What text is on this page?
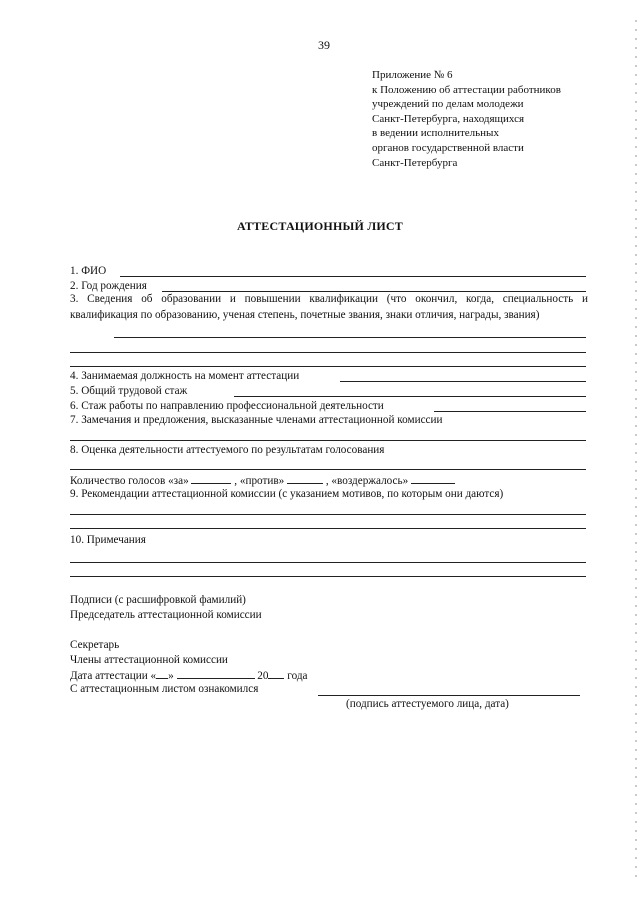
39
Приложение № 6
к Положению об аттестации работников
учреждений по делам молодежи
Санкт-Петербурга, находящихся
в ведении исполнительных
органов государственной власти
Санкт-Петербурга
АТТЕСТАЦИОННЫЙ ЛИСТ
1. ФИО
2. Год рождения
3. Сведения об образовании и повышении квалификации (что окончил, когда, специальность и квалификация по образованию, ученая степень, почетные звания, знаки отличия, награды, звания)
4. Занимаемая должность на момент аттестации
5. Общий трудовой стаж
6. Стаж работы по направлению профессиональной деятельности
7. Замечания и предложения, высказанные членами аттестационной комиссии
8. Оценка деятельности аттестуемого по результатам голосования
Количество голосов «за»	, «против»	, «воздержалось»
9. Рекомендации аттестационной комиссии (с указанием мотивов, по которым они даются)
10. Примечания
Подписи (с расшифровкой фамилий)
Председатель аттестационной комиссии
Секретарь
Члены аттестационной комиссии
Дата аттестации « »	20 года
С аттестационным листом ознакомился
(подпись аттестуемого лица, дата)
